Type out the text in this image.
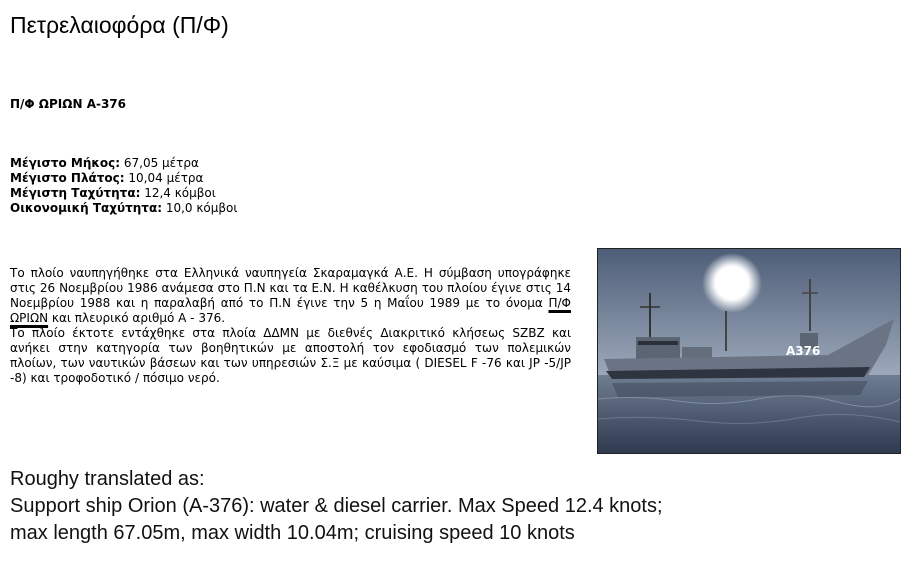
Πετρελαιοφόρα (Π/Φ)
Π/Φ ΩΡΙΩΝ Α-376
Μέγιστο Μήκος: 67,05 μέτρα
Μέγιστο Πλάτος: 10,04 μέτρα
Μέγιστη Ταχύτητα: 12,4 κόμβοι
Οικονομική Ταχύτητα: 10,0 κόμβοι
Το πλοίο ναυπηγήθηκε στα Ελληνικά ναυπηγεία Σκαραμαγκά Α.Ε. Η σύμβαση υπογράφηκε στις 26 Νοεμβρίου 1986 ανάμεσα στο Π.Ν και τα Ε.Ν. Η καθέλκυση του πλοίου έγινε στις 14 Νοεμβρίου 1988 και η παραλαβή από το Π.Ν έγινε την 5 η Μαΐου 1989 με το όνομα Π/Φ ΩΡΙΩΝ και πλευρικό αριθμό Α - 376.
Το πλοίο έκτοτε εντάχθηκε στα πλοία ΔΔΜΝ με διεθνές Διακριτικό κλήσεως SZBZ και ανήκει στην κατηγορία των βοηθητικών με αποστολή τον εφοδιασμό των πολεμικών πλοίων, των ναυτικών βάσεων και των υπηρεσιών Σ.Ξ με καύσιμα ( DIESEL F -76 και JP -5/JP -8) και τροφοδοτικό / πόσιμο νερό.
A376
Roughy translated as:
Support ship Orion (A-376): water & diesel carrier. Max Speed 12.4 knots; max length 67.05m, max width 10.04m; cruising speed 10 knots
